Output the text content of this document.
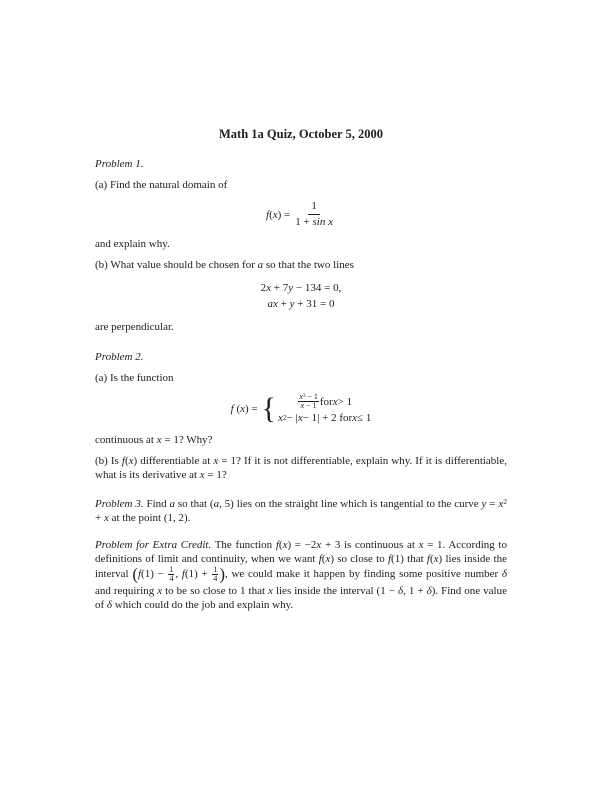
Math 1a Quiz, October 5, 2000

Problem 1.

(a) Find the natural domain of

$f(x) = \frac{1}{\text{1 + sin x}}$

and explain why.

(b) What value should be chosen for a so that the two lines

2x + 7y − 134 = 0,
ax + y + 31 = 0

are perpendicular.

Problem 2.

(a) Is the function

f (x) = {	$\frac{x^3 - 1}{x - 1}$ for x > 1
x 2 − | x − 1| + 2 for x ≤ 1

continuous at x = 1? Why?

(b) Is f(x) differentiable at x = 1? If it is not differentiable, explain why. If it is differentiable, what is its derivative at x = 1?

Problem 3. Find a so that (a, 5) lies on the straight line which is tangential to the curve $y = x^2 + x$ at the point (1, 2).

Problem for Extra Credit. The function f(x) = −2x + 3 is continuous at x = 1. According to definitions of limit and continuity, when we want f(x) so close to f(1) that f(x) lies inside the interval ($f(1) - \frac{1}{4}$ , $f(1) + \frac{1}{4}$ ), we could make it happen by finding some positive number δ and requiring x to be so close to 1 that x lies inside the interval (1 − δ, 1 + δ). Find one value of δ which could do the job and explain why.
